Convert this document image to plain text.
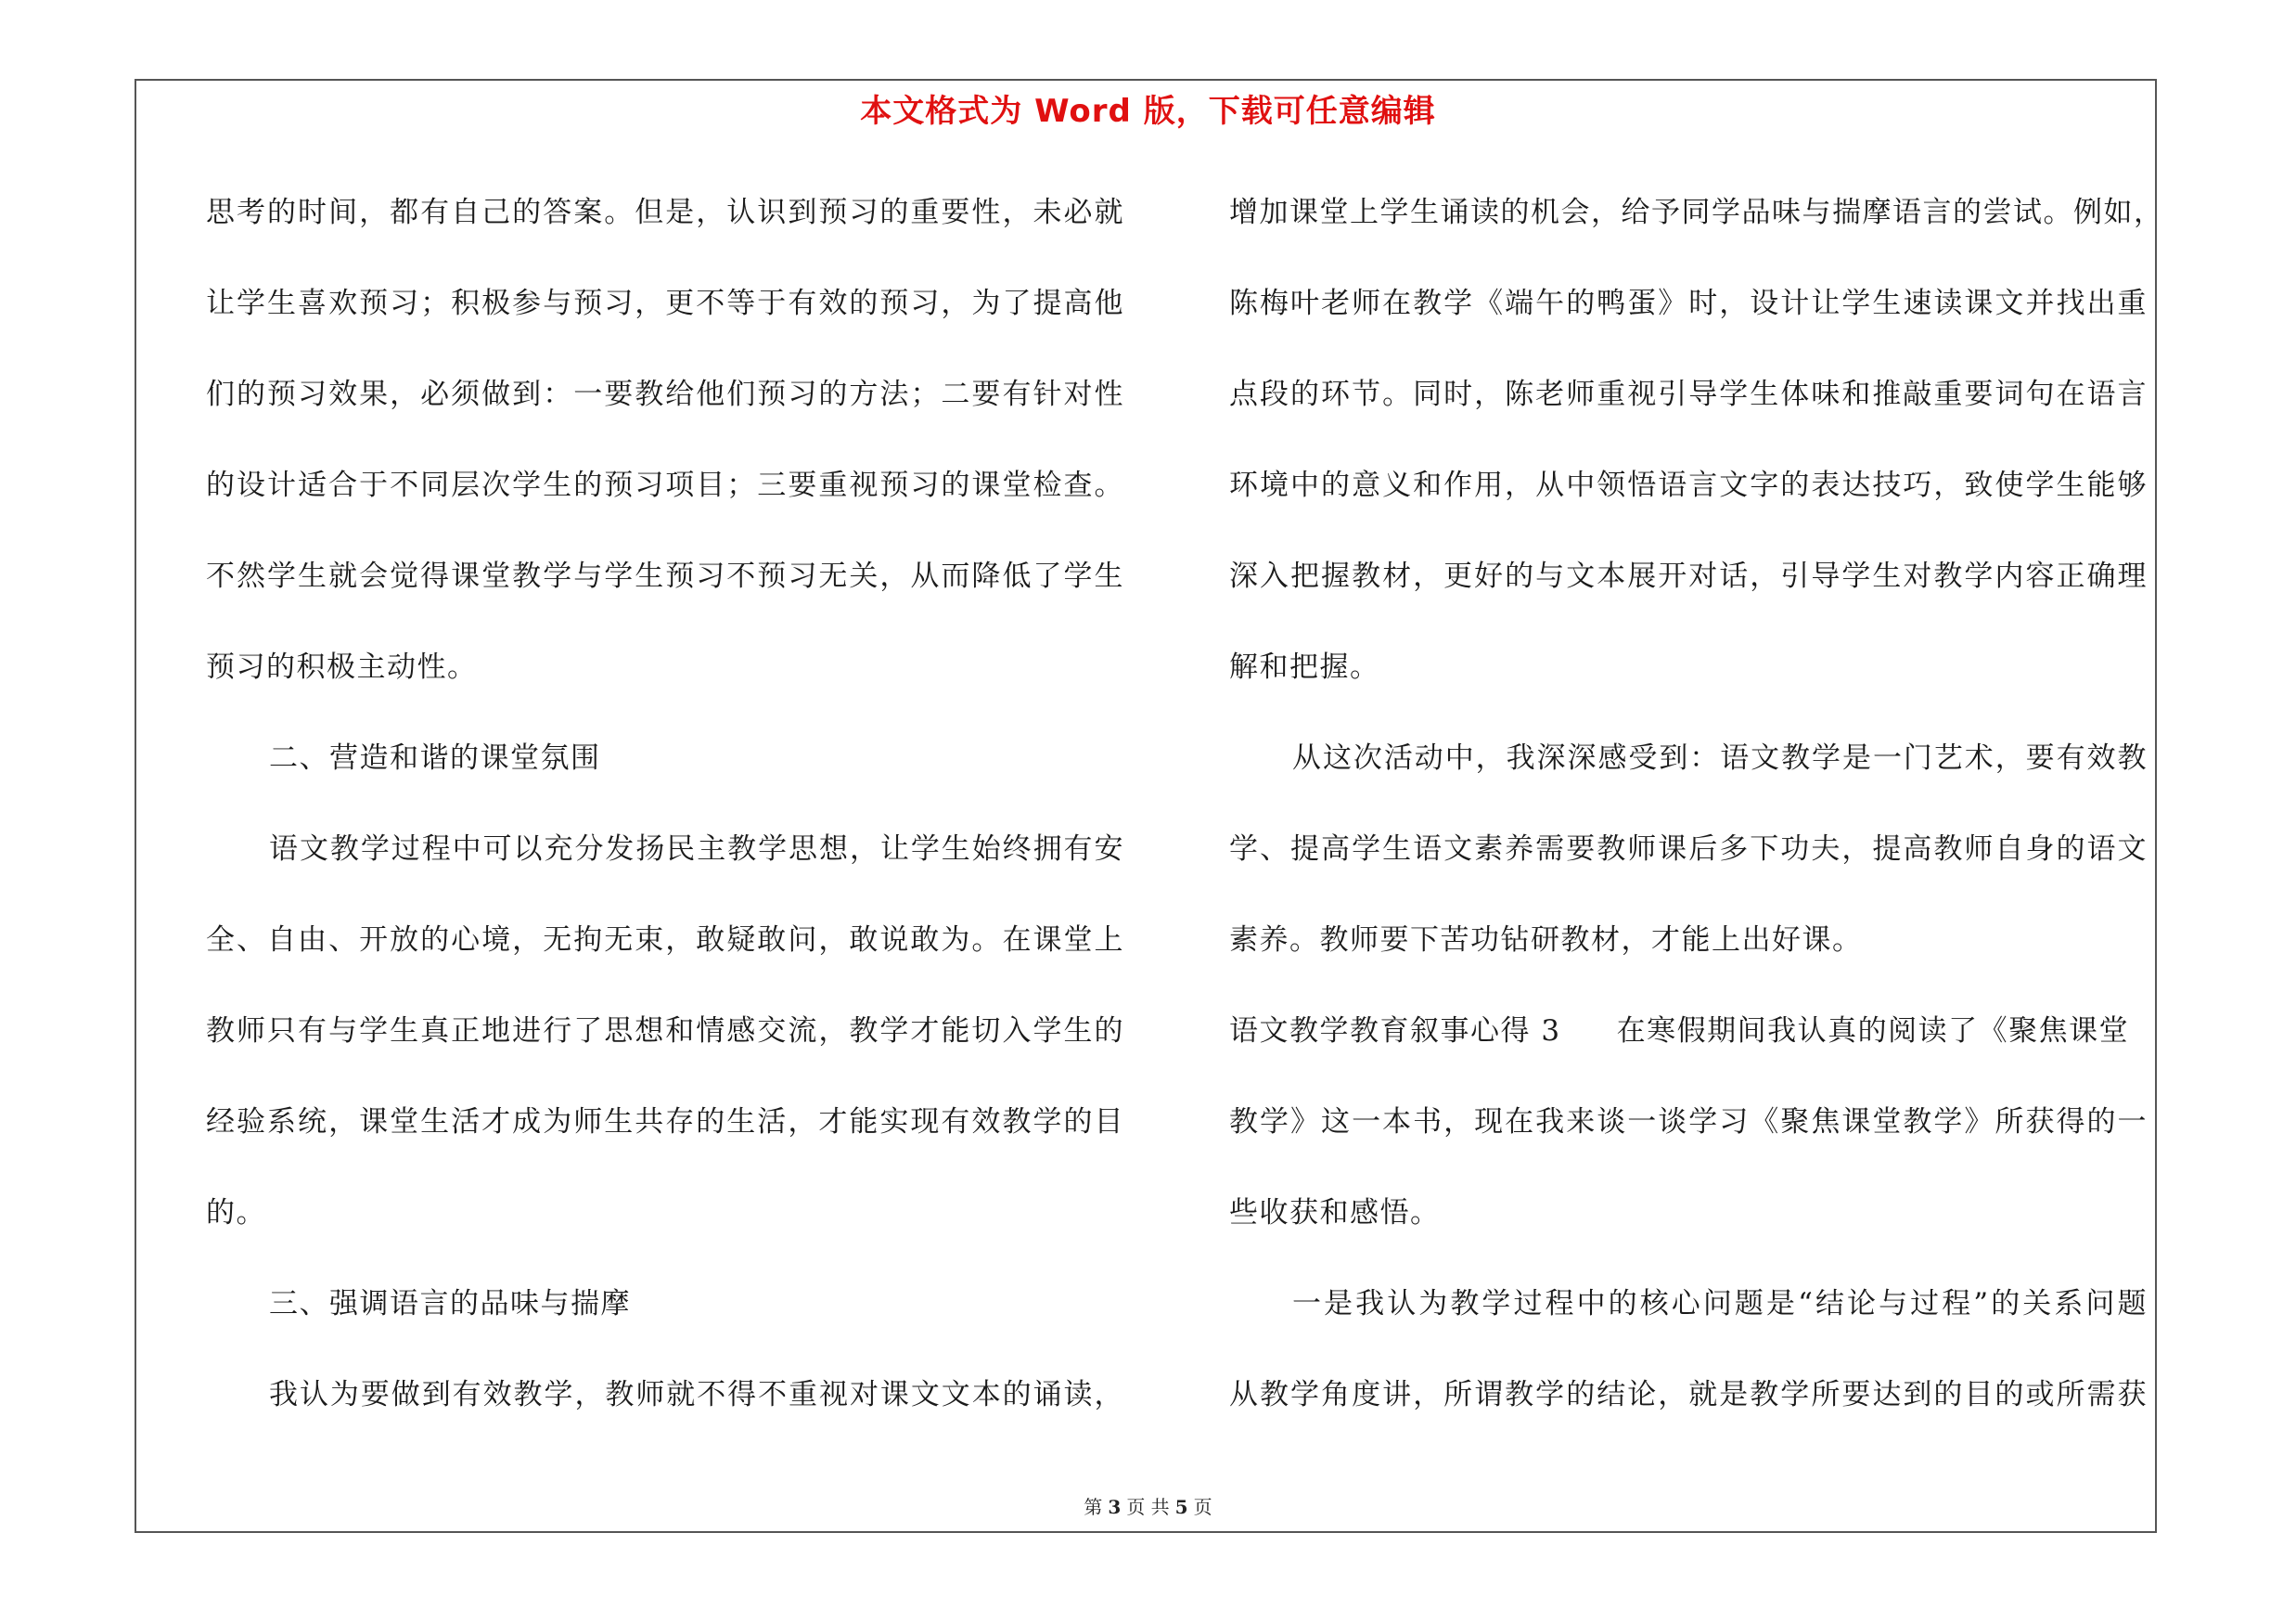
本文格式为 Word 版，下载可任意编辑
思考的时间，都有自己的答案。但是，认识到预习的重要性，未必就
让学生喜欢预习；积极参与预习，更不等于有效的预习，为了提高他
们的预习效果，必须做到：一要教给他们预习的方法；二要有针对性
的设计适合于不同层次学生的预习项目；三要重视预习的课堂检查。
不然学生就会觉得课堂教学与学生预习不预习无关，从而降低了学生
预习的积极主动性。
二、营造和谐的课堂氛围
语文教学过程中可以充分发扬民主教学思想，让学生始终拥有安
全、自由、开放的心境，无拘无束，敢疑敢问，敢说敢为。在课堂上
教师只有与学生真正地进行了思想和情感交流，教学才能切入学生的
经验系统，课堂生活才成为师生共存的生活，才能实现有效教学的目
的。
三、强调语言的品味与揣摩
我认为要做到有效教学，教师就不得不重视对课文文本的诵读，
增加课堂上学生诵读的机会，给予同学品味与揣摩语言的尝试。例如，
陈梅叶老师在教学《端午的鸭蛋》时，设计让学生速读课文并找出重
点段的环节。同时，陈老师重视引导学生体味和推敲重要词句在语言
环境中的意义和作用，从中领悟语言文字的表达技巧，致使学生能够
深入把握教材，更好的与文本展开对话，引导学生对教学内容正确理
解和把握。
从这次活动中，我深深感受到：语文教学是一门艺术，要有效教
学、提高学生语文素养需要教师课后多下功夫，提高教师自身的语文
素养。教师要下苦功钻研教材，才能上出好课。
语文教学教育叙事心得 3 在寒假期间我认真的阅读了《聚焦课堂
教学》这一本书，现在我来谈一谈学习《聚焦课堂教学》所获得的一
些收获和感悟。
一是我认为教学过程中的核心问题是“结论与过程”的关系问题
从教学角度讲，所谓教学的结论，就是教学所要达到的目的或所需获
第 3 页 共 5 页
